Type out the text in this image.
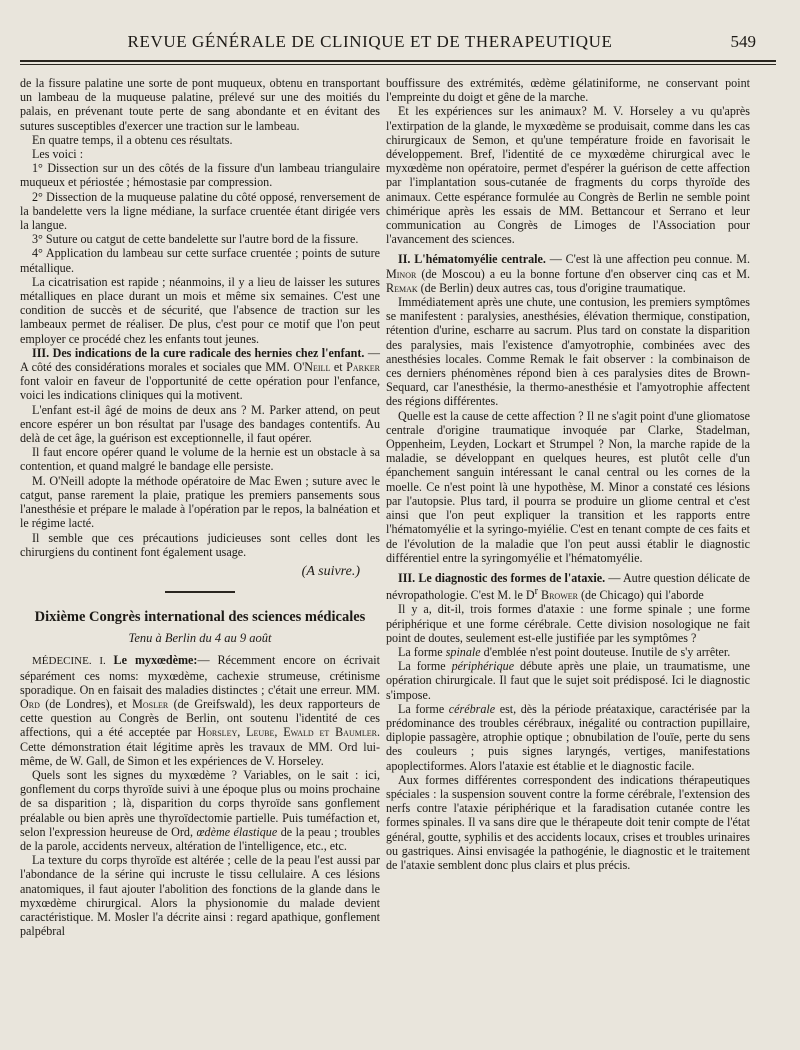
REVUE GÉNÉRALE DE CLINIQUE ET DE THERAPEUTIQUE	549

de la fissure palatine une sorte de pont muqueux, obtenu en transportant un lambeau de la muqueuse palatine, prélevé sur une des moitiés du palais, en prévenant toute perte de sang abondante et en évitant des sutures susceptibles d'exercer une traction sur le lambeau.

En quatre temps, il a obtenu ces résultats.

Les voici :

1° Dissection sur un des côtés de la fissure d'un lambeau triangulaire muqueux et périostée ; hémostasie par compression.

2° Dissection de la muqueuse palatine du côté opposé, renversement de la bandelette vers la ligne médiane, la surface cruentée étant dirigée vers la langue.

3° Suture ou catgut de cette bandelette sur l'autre bord de la fissure.

4° Application du lambeau sur cette surface cruentée ; points de suture métallique.

La cicatrisation est rapide ; néanmoins, il y a lieu de laisser les sutures métalliques en place durant un mois et même six semaines. C'est une condition de succès et de sécurité, que l'absence de traction sur les lambeaux permet de réaliser. De plus, c'est pour ce motif que l'on peut employer ce procédé chez les enfants tout jeunes.

III. Des indications de la cure radicale des hernies chez l'enfant. — A côté des considérations morales et sociales que MM. O'Neill et Parker font valoir en faveur de l'opportunité de cette opération pour l'enfance, voici les indications cliniques qui la motivent.

L'enfant est-il âgé de moins de deux ans ? M. Parker attend, on peut encore espérer un bon résultat par l'usage des bandages contentifs. Au delà de cet âge, la guérison est exceptionnelle, il faut opérer.

Il faut encore opérer quand le volume de la hernie est un obstacle à sa contention, et quand malgré le bandage elle persiste.

M. O'Neill adopte la méthode opératoire de Mac Ewen ; suture avec le catgut, panse rarement la plaie, pratique les premiers pansements sous l'anesthésie et prépare le malade à l'opération par le repos, la balnéation et le régime lacté.

Il semble que ces précautions judicieuses sont celles dont les chirurgiens du continent font également usage.

(A suivre.)
Dixième Congrès international des sciences médicales
Tenu à Berlin du 4 au 9 août

MÉDECINE. I. Le myxœdème:— Récemment encore on écrivait séparément ces noms: myxœdème, cachexie strumeuse, crétinisme sporadique. On en faisait des maladies distinctes ; c'était une erreur. MM. Ord (de Londres), et Mosler (de Greifswald), les deux rapporteurs de cette question au Congrès de Berlin, ont soutenu l'identité de ces affections, qui a été acceptée par Horsley, Leube, Ewald et Baumler. Cette démonstration était légitime après les travaux de MM. Ord lui-même, de W. Gall, de Simon et les expériences de V. Horseley.

Quels sont les signes du myxœdème ? Variables, on le sait : ici, gonflement du corps thyroïde suivi à une époque plus ou moins prochaine de sa disparition ; là, disparition du corps thyroïde sans gonflement préalable ou bien après une thyroïdectomie partielle. Puis tuméfaction et, selon l'expression heureuse de Ord, œdème élastique de la peau ; troubles de la parole, accidents nerveux, altération de l'intelligence, etc., etc.

La texture du corps thyroïde est altérée ; celle de la peau l'est aussi par l'abondance de la sérine qui incruste le tissu cellulaire. A ces lésions anatomiques, il faut ajouter l'abolition des fonctions de la glande dans le myxœdème chirurgical. Alors la physionomie du malade devient caractéristique. M. Mosler l'a décrite ainsi : regard apathique, gonflement palpébral

bouffissure des extrémités, œdème gélatiniforme, ne conservant point l'empreinte du doigt et gêne de la marche.

Et les expériences sur les animaux? M. V. Horseley a vu qu'après l'extirpation de la glande, le myxœdème se produisait, comme dans les cas chirurgicaux de Semon, et qu'une température froide en favorisait le développement. Bref, l'identité de ce myxœdème chirurgical avec le myxœdème non opératoire, permet d'espérer la guérison de cette affection par l'implantation sous-cutanée de fragments du corps thyroïde des animaux. Cette espérance formulée au Congrès de Berlin ne semble point chimérique après les essais de MM. Bettancour et Serrano et leur communication au Congrès de Limoges de l'Association pour l'avancement des sciences.

II. L'hématomyélie centrale. — C'est là une affection peu connue. M. Minor (de Moscou) a eu la bonne fortune d'en observer cinq cas et M. Remak (de Berlin) deux autres cas, tous d'origine traumatique.

Immédiatement après une chute, une contusion, les premiers symptômes se manifestent : paralysies, anesthésies, élévation thermique, constipation, rétention d'urine, escharre au sacrum. Plus tard on constate la disparition des paralysies, mais l'existence d'amyotrophie, combinées avec des anesthésies locales. Comme Remak le fait observer : la combinaison de ces derniers phénomènes répond bien à ces paralysies dites de Brown-Sequard, car l'anesthésie, la thermo-anesthésie et l'amyotrophie affectent des régions différentes.

Quelle est la cause de cette affection ? Il ne s'agit point d'une gliomatose centrale d'origine traumatique invoquée par Clarke, Stadelman, Oppenheim, Leyden, Lockart et Strumpel ? Non, la marche rapide de la maladie, se développant en quelques heures, est plutôt celle d'un épanchement sanguin intéressant le canal central ou les cornes de la moelle. Ce n'est point là une hypothèse, M. Minor a constaté ces lésions par l'autopsie. Plus tard, il pourra se produire un gliome central et c'est ainsi que l'on peut expliquer la transition et les rapports entre l'hématomyélie et la syringo-myiélie. C'est en tenant compte de ces faits et de l'évolution de la maladie que l'on peut aussi établir le diagnostic différentiel entre la syringomyélie et l'hématomyélie.

III. Le diagnostic des formes de l'ataxie. — Autre question délicate de névropathologie. C'est M. le $D^r$ Brower (de Chicago) qui l'aborde

Il y a, dit-il, trois formes d'ataxie : une forme spinale ; une forme périphérique et une forme cérébrale. Cette division nosologique ne fait point de doutes, seulement est-elle justifiée par les symptômes ?

La forme spinale d'emblée n'est point douteuse. Inutile de s'y arrêter.

La forme périphérique débute après une plaie, un traumatisme, une opération chirurgicale. Il faut que le sujet soit prédisposé. Ici le diagnostic s'impose.

La forme cérébrale est, dès la période préataxique, caractérisée par la prédominance des troubles cérébraux, inégalité ou contraction pupillaire, diplopie passagère, atrophie optique ; obnubilation de l'ouïe, perte du sens des couleurs ; puis signes laryngés, vertiges, manifestations apoplectiformes. Alors l'ataxie est établie et le diagnostic facile.

Aux formes différentes correspondent des indications thérapeutiques spéciales : la suspension souvent contre la forme cérébrale, l'extension des nerfs contre l'ataxie périphérique et la faradisation cutanée contre les formes spinales. Il va sans dire que le thérapeute doit tenir compte de l'état général, goutte, syphilis et des accidents locaux, crises et troubles urinaires ou gastriques. Ainsi envisagée la pathogénie, le diagnostic et le traitement de l'ataxie semblent donc plus clairs et plus précis.
